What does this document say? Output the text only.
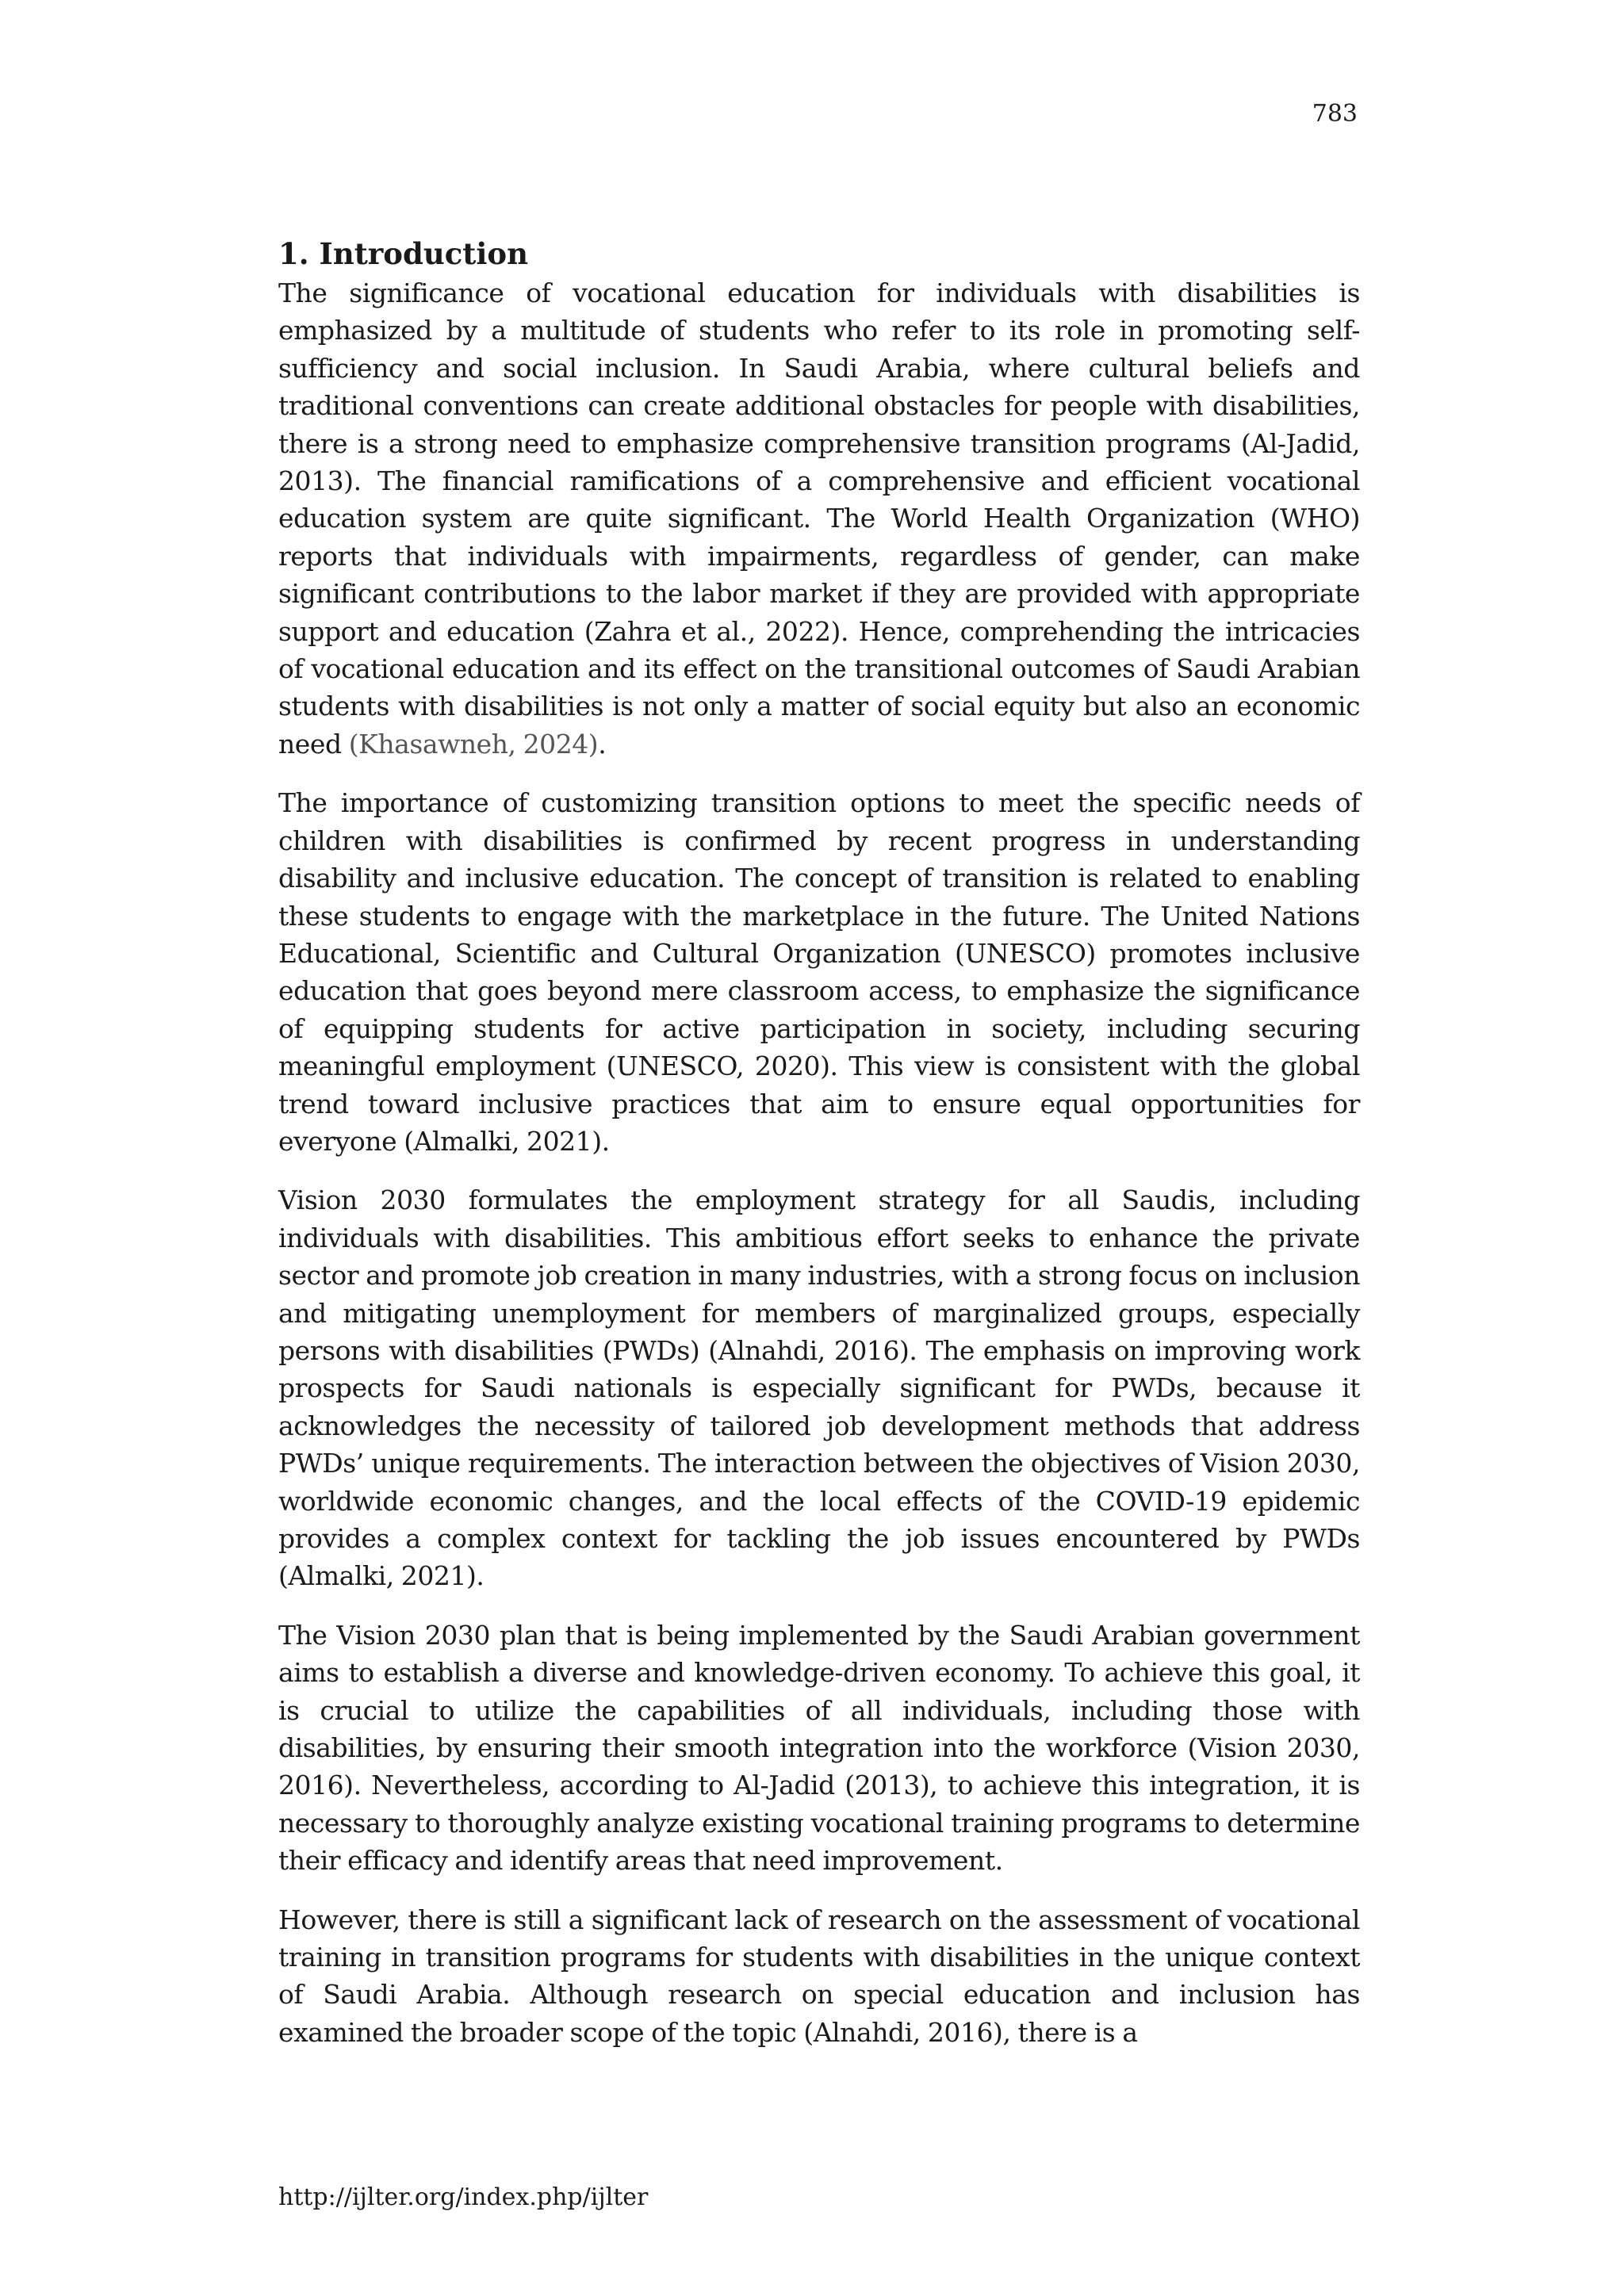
783

1. Introduction

The significance of vocational education for individuals with disabilities is emphasized by a multitude of students who refer to its role in promoting self-sufficiency and social inclusion. In Saudi Arabia, where cultural beliefs and traditional conventions can create additional obstacles for people with disabilities, there is a strong need to emphasize comprehensive transition programs (Al-Jadid, 2013). The financial ramifications of a comprehensive and efficient vocational education system are quite significant. The World Health Organization (WHO) reports that individuals with impairments, regardless of gender, can make significant contributions to the labor market if they are provided with appropriate support and education (Zahra et al., 2022). Hence, comprehending the intricacies of vocational education and its effect on the transitional outcomes of Saudi Arabian students with disabilities is not only a matter of social equity but also an economic need (Khasawneh, 2024).

The importance of customizing transition options to meet the specific needs of children with disabilities is confirmed by recent progress in understanding disability and inclusive education. The concept of transition is related to enabling these students to engage with the marketplace in the future. The United Nations Educational, Scientific and Cultural Organization (UNESCO) promotes inclusive education that goes beyond mere classroom access, to emphasize the significance of equipping students for active participation in society, including securing meaningful employment (UNESCO, 2020). This view is consistent with the global trend toward inclusive practices that aim to ensure equal opportunities for everyone (Almalki, 2021).

Vision 2030 formulates the employment strategy for all Saudis, including individuals with disabilities. This ambitious effort seeks to enhance the private sector and promote job creation in many industries, with a strong focus on inclusion and mitigating unemployment for members of marginalized groups, especially persons with disabilities (PWDs) (Alnahdi, 2016). The emphasis on improving work prospects for Saudi nationals is especially significant for PWDs, because it acknowledges the necessity of tailored job development methods that address PWDs’ unique requirements. The interaction between the objectives of Vision 2030, worldwide economic changes, and the local effects of the COVID-19 epidemic provides a complex context for tackling the job issues encountered by PWDs (Almalki, 2021).

The Vision 2030 plan that is being implemented by the Saudi Arabian government aims to establish a diverse and knowledge-driven economy. To achieve this goal, it is crucial to utilize the capabilities of all individuals, including those with disabilities, by ensuring their smooth integration into the workforce (Vision 2030, 2016). Nevertheless, according to Al-Jadid (2013), to achieve this integration, it is necessary to thoroughly analyze existing vocational training programs to determine their efficacy and identify areas that need improvement.

However, there is still a significant lack of research on the assessment of vocational training in transition programs for students with disabilities in the unique context of Saudi Arabia. Although research on special education and inclusion has examined the broader scope of the topic (Alnahdi, 2016), there is a

http://ijlter.org/index.php/ijlter
